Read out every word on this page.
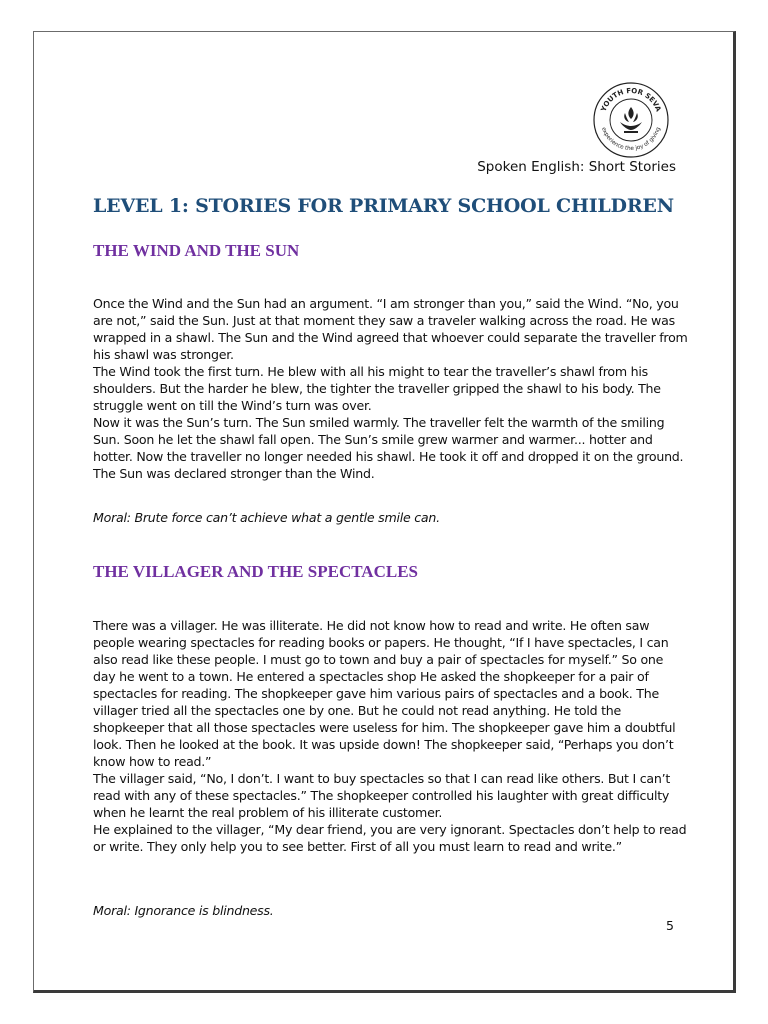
YOUTH FOR SEVA
experience the joy of giving
Spoken English: Short Stories
LEVEL 1: STORIES FOR PRIMARY SCHOOL CHILDREN
THE WIND AND THE SUN

Once the Wind and the Sun had an argument. “I am stronger than you,” said the Wind. “No, you are not,” said the Sun. Just at that moment they saw a traveler walking across the road. He was wrapped in a shawl. The Sun and the Wind agreed that whoever could separate the traveller from his shawl was stronger.

The Wind took the first turn. He blew with all his might to tear the traveller’s shawl from his shoulders. But the harder he blew, the tighter the traveller gripped the shawl to his body. The struggle went on till the Wind’s turn was over.

Now it was the Sun’s turn. The Sun smiled warmly. The traveller felt the warmth of the smiling Sun. Soon he let the shawl fall open. The Sun’s smile grew warmer and warmer... hotter and hotter. Now the traveller no longer needed his shawl. He took it off and dropped it on the ground. The Sun was declared stronger than the Wind.

Moral: Brute force can’t achieve what a gentle smile can.
THE VILLAGER AND THE SPECTACLES

There was a villager. He was illiterate. He did not know how to read and write. He often saw people wearing spectacles for reading books or papers. He thought, “If I have spectacles, I can also read like these people. I must go to town and buy a pair of spectacles for myself.” So one day he went to a town. He entered a spectacles shop He asked the shopkeeper for a pair of spectacles for reading. The shopkeeper gave him various pairs of spectacles and a book. The villager tried all the spectacles one by one. But he could not read anything. He told the shopkeeper that all those spectacles were useless for him. The shopkeeper gave him a doubtful look. Then he looked at the book. It was upside down! The shopkeeper said, “Perhaps you don’t know how to read.”

The villager said, “No, I don’t. I want to buy spectacles so that I can read like others. But I can’t read with any of these spectacles.” The shopkeeper controlled his laughter with great difficulty when he learnt the real problem of his illiterate customer.

He explained to the villager, “My dear friend, you are very ignorant. Spectacles don’t help to read or write. They only help you to see better. First of all you must learn to read and write.”

Moral: Ignorance is blindness.
5
